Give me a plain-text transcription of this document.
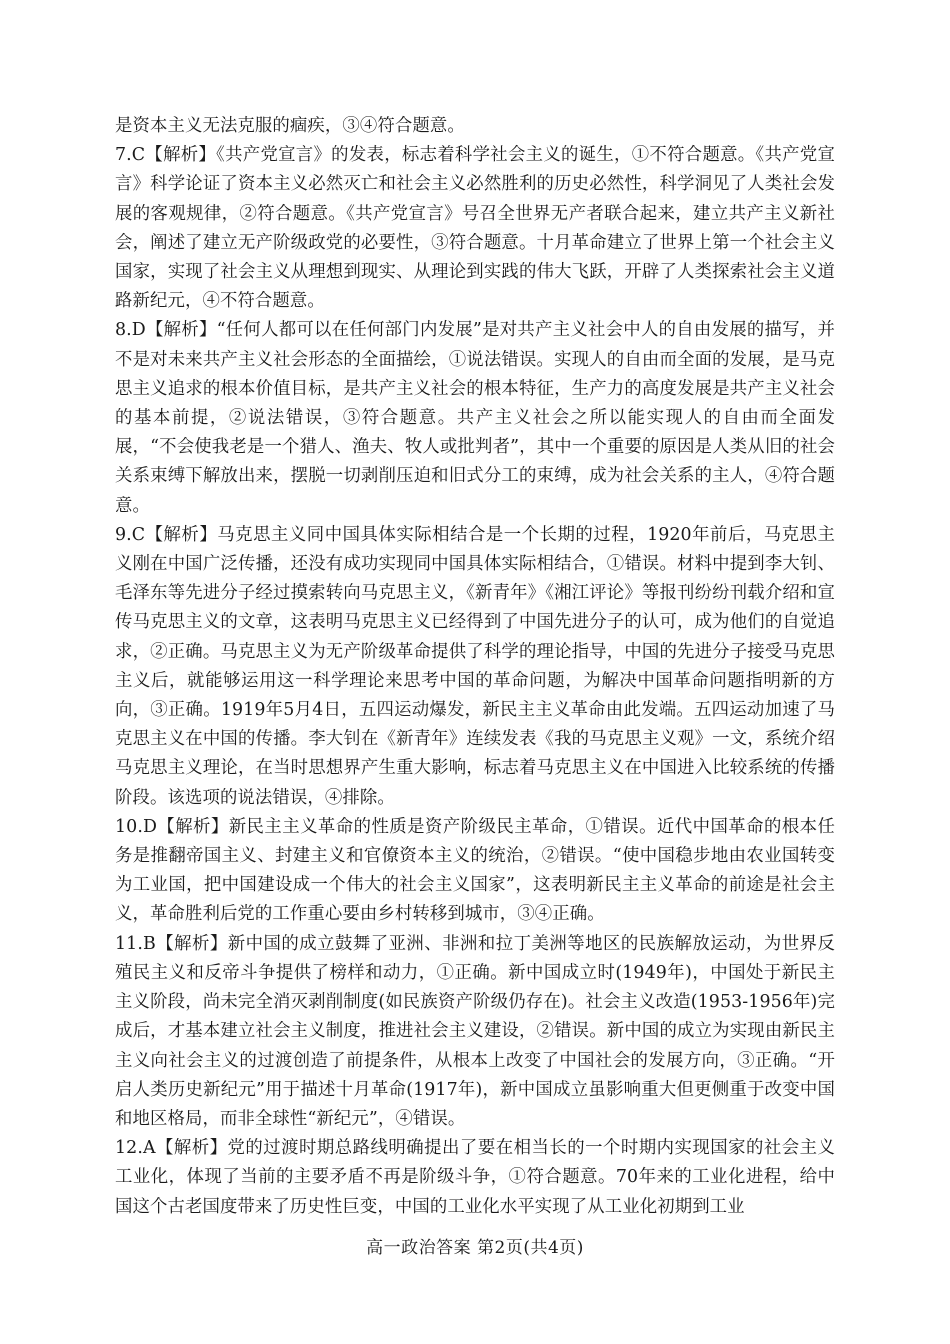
是资本主义无法克服的痼疾，③④符合题意。

7.C【解析】《共产党宣言》的发表，标志着科学社会主义的诞生，①不符合题意。《共产党宣言》科学论证了资本主义必然灭亡和社会主义必然胜利的历史必然性，科学洞见了人类社会发展的客观规律，②符合题意。《共产党宣言》号召全世界无产者联合起来，建立共产主义新社会，阐述了建立无产阶级政党的必要性，③符合题意。十月革命建立了世界上第一个社会主义国家，实现了社会主义从理想到现实、从理论到实践的伟大飞跃，开辟了人类探索社会主义道路新纪元，④不符合题意。

8.D【解析】“任何人都可以在任何部门内发展”是对共产主义社会中人的自由发展的描写，并不是对未来共产主义社会形态的全面描绘，①说法错误。实现人的自由而全面的发展，是马克思主义追求的根本价值目标，是共产主义社会的根本特征，生产力的高度发展是共产主义社会的基本前提，②说法错误，③符合题意。共产主义社会之所以能实现人的自由而全面发展，“不会使我老是一个猎人、渔夫、牧人或批判者”，其中一个重要的原因是人类从旧的社会关系束缚下解放出来，摆脱一切剥削压迫和旧式分工的束缚，成为社会关系的主人，④符合题意。

9.C【解析】马克思主义同中国具体实际相结合是一个长期的过程，1920年前后，马克思主义刚在中国广泛传播，还没有成功实现同中国具体实际相结合，①错误。材料中提到李大钊、毛泽东等先进分子经过摸索转向马克思主义，《新青年》《湘江评论》等报刊纷纷刊载介绍和宣传马克思主义的文章，这表明马克思主义已经得到了中国先进分子的认可，成为他们的自觉追求，②正确。马克思主义为无产阶级革命提供了科学的理论指导，中国的先进分子接受马克思主义后，就能够运用这一科学理论来思考中国的革命问题，为解决中国革命问题指明新的方向，③正确。1919年5月4日，五四运动爆发，新民主主义革命由此发端。五四运动加速了马克思主义在中国的传播。李大钊在《新青年》连续发表《我的马克思主义观》一文，系统介绍马克思主义理论，在当时思想界产生重大影响，标志着马克思主义在中国进入比较系统的传播阶段。该选项的说法错误，④排除。

10.D【解析】新民主主义革命的性质是资产阶级民主革命，①错误。近代中国革命的根本任务是推翻帝国主义、封建主义和官僚资本主义的统治，②错误。“使中国稳步地由农业国转变为工业国，把中国建设成一个伟大的社会主义国家”，这表明新民主主义革命的前途是社会主义，革命胜利后党的工作重心要由乡村转移到城市，③④正确。

11.B【解析】新中国的成立鼓舞了亚洲、非洲和拉丁美洲等地区的民族解放运动，为世界反殖民主义和反帝斗争提供了榜样和动力，①正确。新中国成立时(1949年)，中国处于新民主主义阶段，尚未完全消灭剥削制度(如民族资产阶级仍存在)。社会主义改造(1953-1956年)完成后，才基本建立社会主义制度，推进社会主义建设，②错误。新中国的成立为实现由新民主主义向社会主义的过渡创造了前提条件，从根本上改变了中国社会的发展方向，③正确。“开启人类历史新纪元”用于描述十月革命(1917年)，新中国成立虽影响重大但更侧重于改变中国和地区格局，而非全球性“新纪元”，④错误。

12.A【解析】党的过渡时期总路线明确提出了要在相当长的一个时期内实现国家的社会主义工业化，体现了当前的主要矛盾不再是阶级斗争，①符合题意。70年来的工业化进程，给中国这个古老国度带来了历史性巨变，中国的工业化水平实现了从工业化初期到工业

高一政治答案 第2页(共4页)
